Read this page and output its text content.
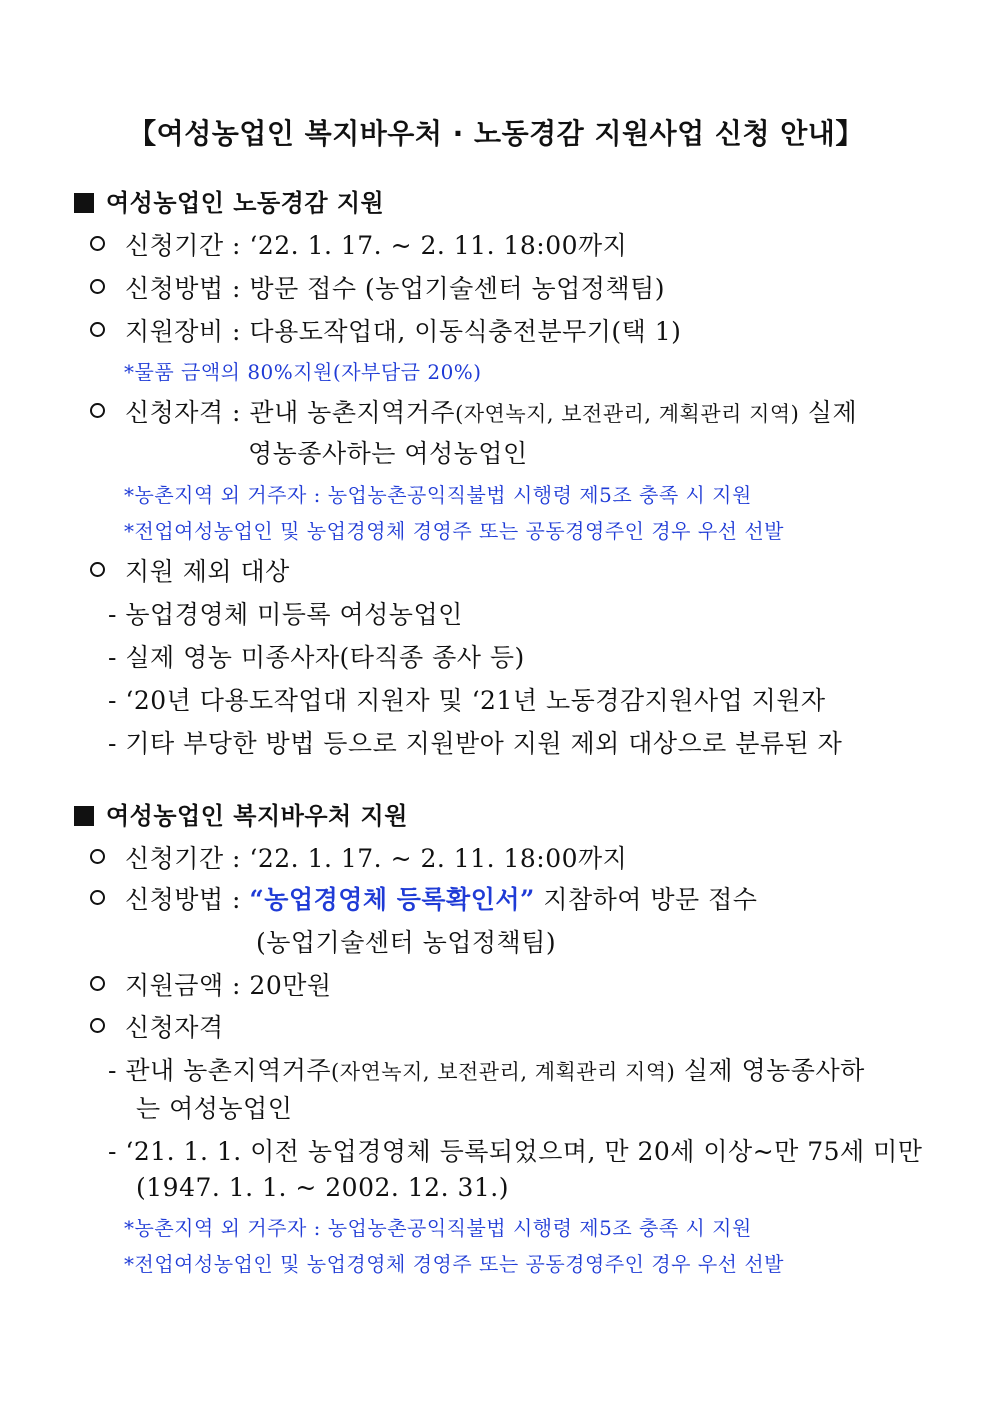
【여성농업인 복지바우처 · 노동경감 지원사업 신청 안내】
여성농업인 노동경감 지원
신청기간 : ‘22. 1. 17. ~ 2. 11. 18:00까지
신청방법 : 방문 접수 (농업기술센터 농업정책팀)
지원장비 : 다용도작업대, 이동식충전분무기(택 1)
*물품 금액의 80%지원(자부담금 20%)
신청자격 : 관내 농촌지역거주(자연녹지, 보전관리, 계획관리 지역) 실제
영농종사하는 여성농업인
*농촌지역 외 거주자 : 농업농촌공익직불법 시행령 제5조 충족 시 지원
*전업여성농업인 및 농업경영체 경영주 또는 공동경영주인 경우 우선 선발
지원 제외 대상
- 농업경영체 미등록 여성농업인
- 실제 영농 미종사자(타직종 종사 등)
- ‘20년 다용도작업대 지원자 및 ‘21년 노동경감지원사업 지원자
- 기타 부당한 방법 등으로 지원받아 지원 제외 대상으로 분류된 자
여성농업인 복지바우처 지원
신청기간 : ‘22. 1. 17. ~ 2. 11. 18:00까지
신청방법 : “농업경영체 등록확인서” 지참하여 방문 접수
(농업기술센터 농업정책팀)
지원금액 : 20만원
신청자격
- 관내 농촌지역거주(자연녹지, 보전관리, 계획관리 지역) 실제 영농종사하
는 여성농업인
- ‘21. 1. 1. 이전 농업경영체 등록되었으며, 만 20세 이상~만 75세 미만
(1947. 1. 1. ~ 2002. 12. 31.)
*농촌지역 외 거주자 : 농업농촌공익직불법 시행령 제5조 충족 시 지원
*전업여성농업인 및 농업경영체 경영주 또는 공동경영주인 경우 우선 선발
